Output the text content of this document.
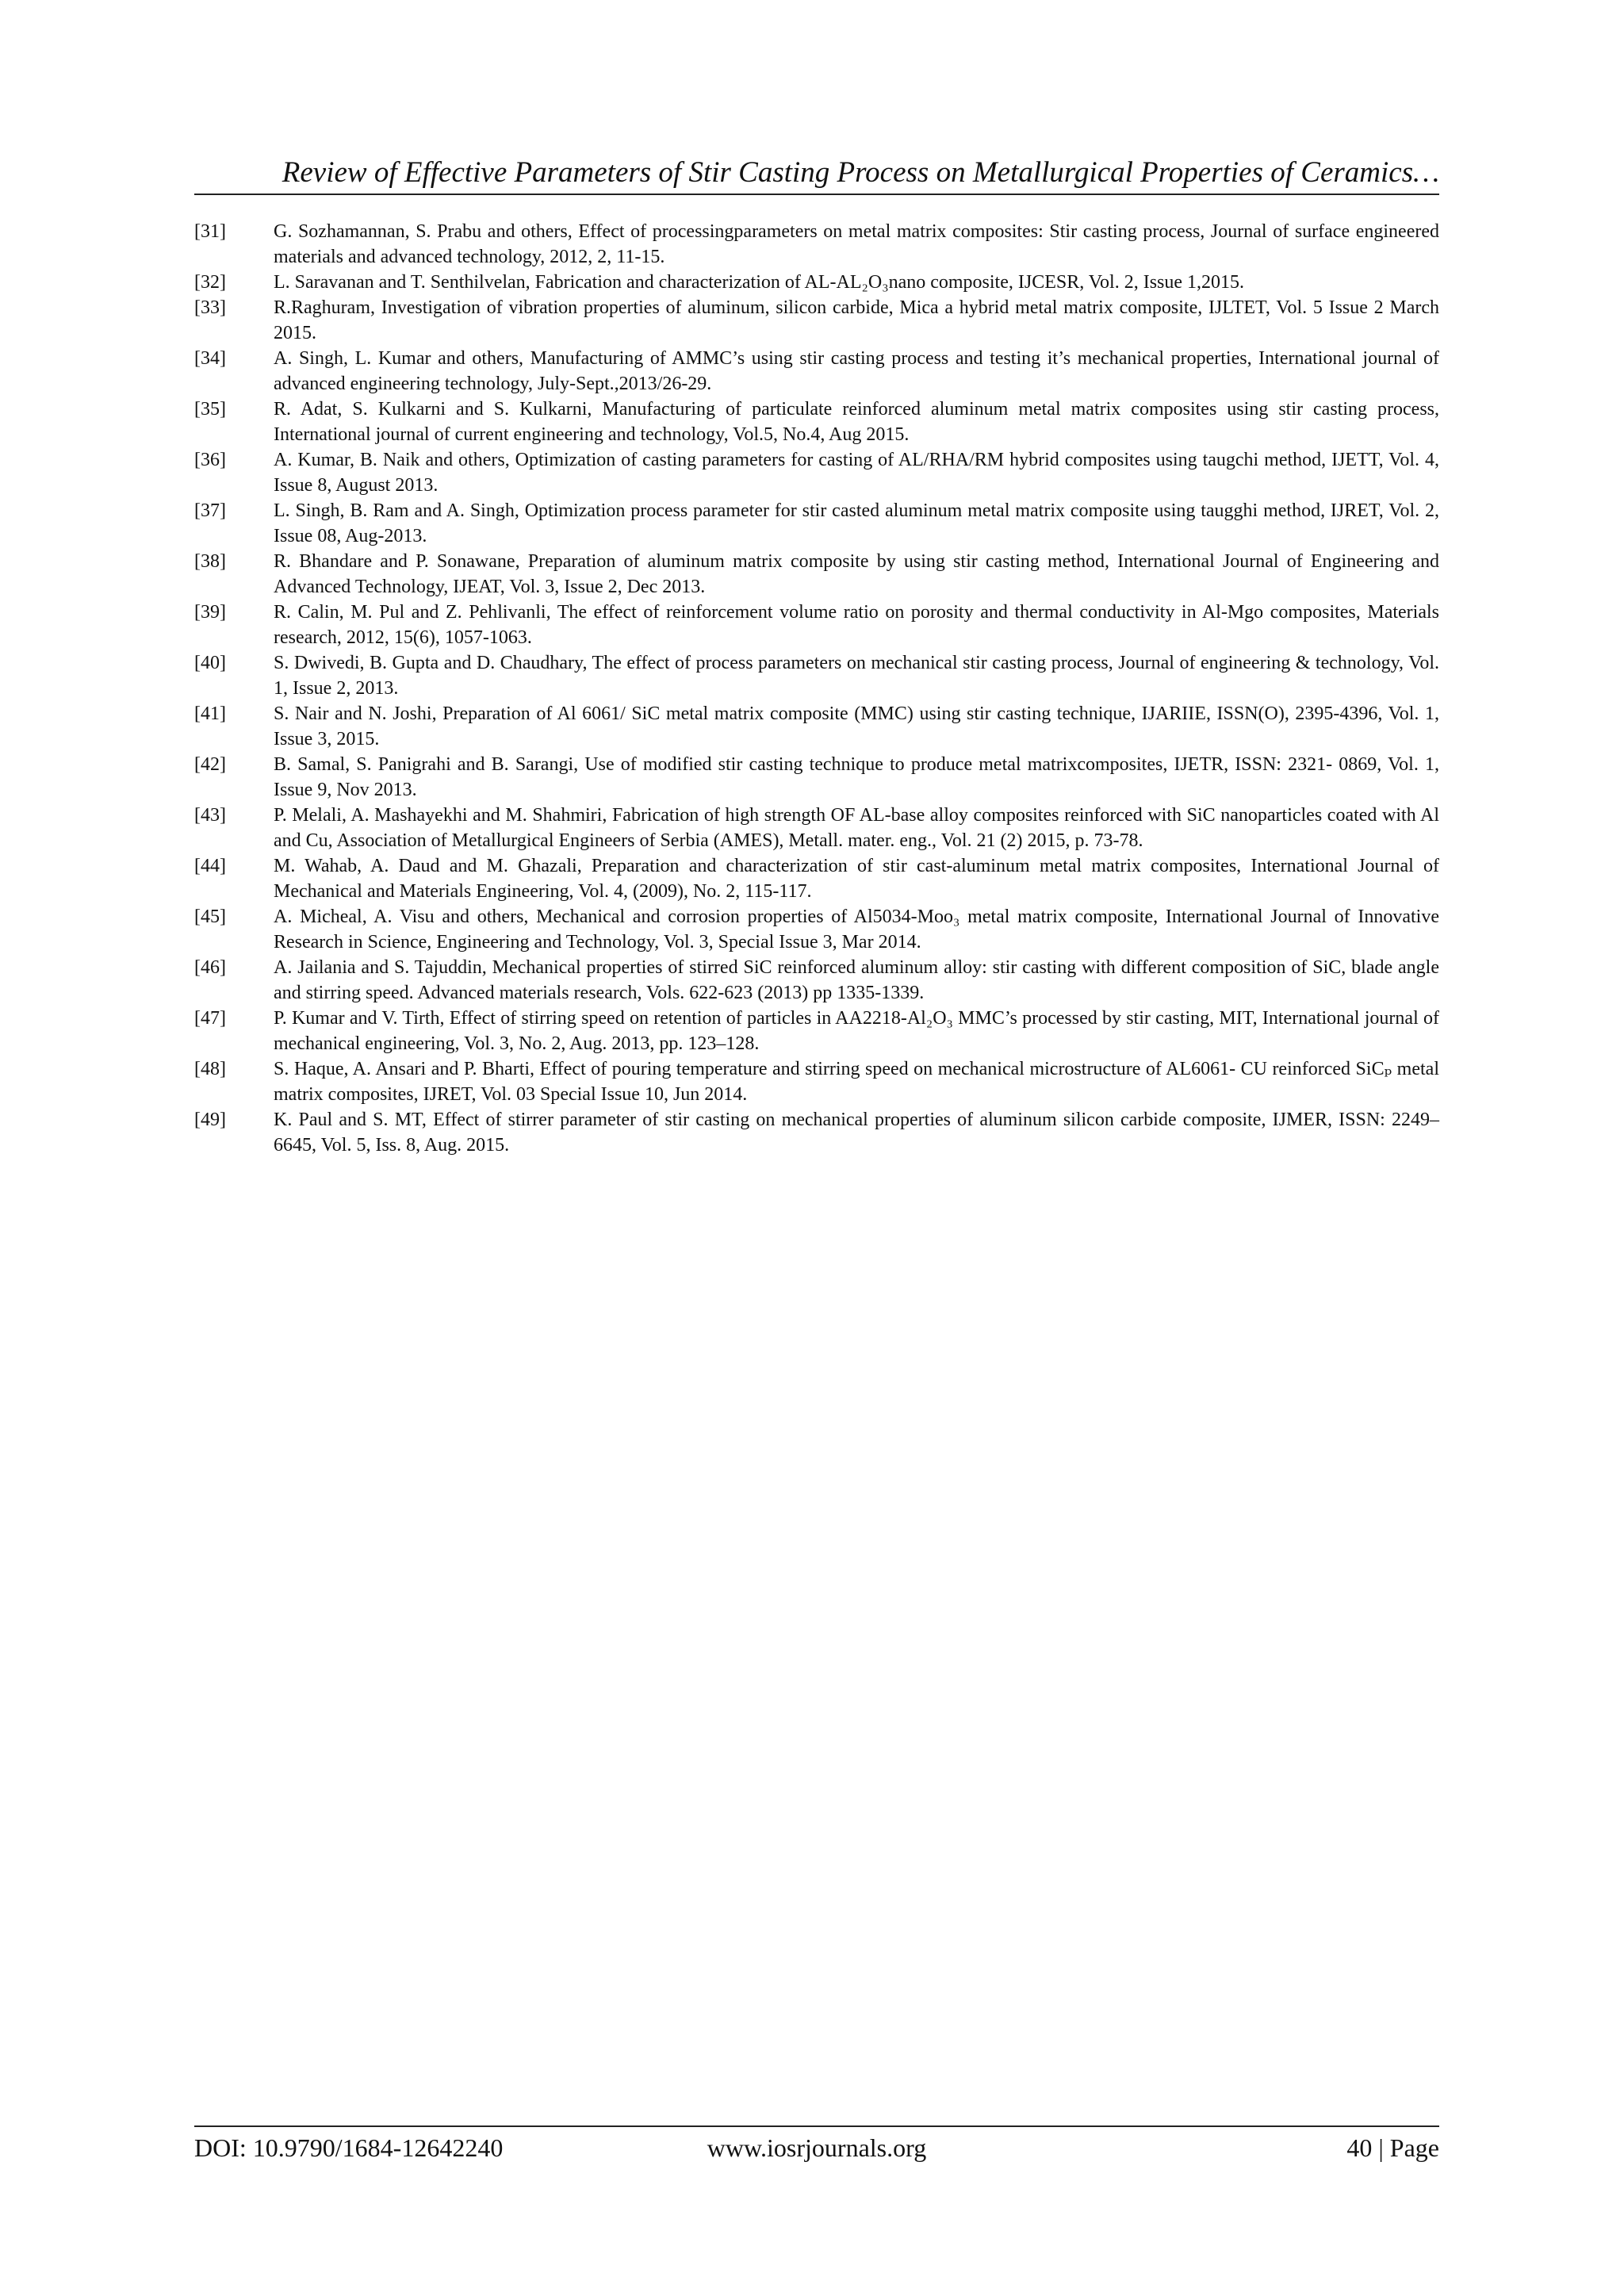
Review of Effective Parameters of Stir Casting Process on Metallurgical Properties of Ceramics…
[31]	G. Sozhamannan, S. Prabu and others, Effect of processingparameters on metal matrix composites: Stir casting process, Journal of surface engineered materials and advanced technology, 2012, 2, 11-15.
[32]	L. Saravanan and T. Senthilvelan, Fabrication and characterization of AL-AL₂O₃nano composite, IJCESR, Vol. 2, Issue 1,2015.
[33]	R.Raghuram, Investigation of vibration properties of aluminum, silicon carbide, Mica a hybrid metal matrix composite, IJLTET, Vol. 5 Issue 2 March 2015.
[34]	A. Singh, L. Kumar and others, Manufacturing of AMMC’s using stir casting process and testing it’s mechanical properties, International journal of advanced engineering technology, July-Sept.,2013/26-29.
[35]	R. Adat, S. Kulkarni and S. Kulkarni, Manufacturing of particulate reinforced aluminum metal matrix composites using stir casting process, International journal of current engineering and technology, Vol.5, No.4, Aug 2015.
[36]	A. Kumar, B. Naik and others, Optimization of casting parameters for casting of AL/RHA/RM hybrid composites using taugchi method, IJETT, Vol. 4, Issue 8, August 2013.
[37]	L. Singh, B. Ram and A. Singh, Optimization process parameter for stir casted aluminum metal matrix composite using taugghi method, IJRET, Vol. 2, Issue 08, Aug-2013.
[38]	R. Bhandare and P. Sonawane, Preparation of aluminum matrix composite by using stir casting method, International Journal of Engineering and Advanced Technology, IJEAT, Vol. 3, Issue 2, Dec 2013.
[39]	R. Calin, M. Pul and Z. Pehlivanli, The effect of reinforcement volume ratio on porosity and thermal conductivity in Al-Mgo composites, Materials research, 2012, 15(6), 1057-1063.
[40]	S. Dwivedi, B. Gupta and D. Chaudhary, The effect of process parameters on mechanical stir casting process, Journal of engineering & technology, Vol. 1, Issue 2, 2013.
[41]	S. Nair and N. Joshi, Preparation of Al 6061/ SiC metal matrix composite (MMC) using stir casting technique, IJARIIE, ISSN(O), 2395-4396, Vol. 1, Issue 3, 2015.
[42]	B. Samal, S. Panigrahi and B. Sarangi, Use of modified stir casting technique to produce metal matrixcomposites, IJETR, ISSN: 2321- 0869, Vol. 1, Issue 9, Nov 2013.
[43]	P. Melali, A. Mashayekhi and M. Shahmiri, Fabrication of high strength OF AL-base alloy composites reinforced with SiC nanoparticles coated with Al and Cu, Association of Metallurgical Engineers of Serbia (AMES), Metall. mater. eng., Vol. 21 (2) 2015, p. 73-78.
[44]	M. Wahab, A. Daud and M. Ghazali, Preparation and characterization of stir cast-aluminum metal matrix composites, International Journal of Mechanical and Materials Engineering, Vol. 4, (2009), No. 2, 115-117.
[45]	A. Micheal, A. Visu and others, Mechanical and corrosion properties of Al5034-Moo₃ metal matrix composite, International Journal of Innovative Research in Science, Engineering and Technology, Vol. 3, Special Issue 3, Mar 2014.
[46]	A. Jailania and S. Tajuddin, Mechanical properties of stirred SiC reinforced aluminum alloy: stir casting with different composition of SiC, blade angle and stirring speed. Advanced materials research, Vols. 622-623 (2013) pp 1335-1339.
[47]	P. Kumar and V. Tirth, Effect of stirring speed on retention of particles in AA2218-Al₂O₃ MMC’s processed by stir casting, MIT, International journal of mechanical engineering, Vol. 3, No. 2, Aug. 2013, pp. 123–128.
[48]	S. Haque, A. Ansari and P. Bharti, Effect of pouring temperature and stirring speed on mechanical microstructure of AL6061- CU reinforced SiCₚ metal matrix composites, IJRET, Vol. 03 Special Issue 10, Jun 2014.
[49]	K. Paul and S. MT, Effect of stirrer parameter of stir casting on mechanical properties of aluminum silicon carbide composite, IJMER, ISSN: 2249–6645, Vol. 5, Iss. 8, Aug. 2015.
DOI: 10.9790/1684-12642240	www.iosrjournals.org	40 | Page
